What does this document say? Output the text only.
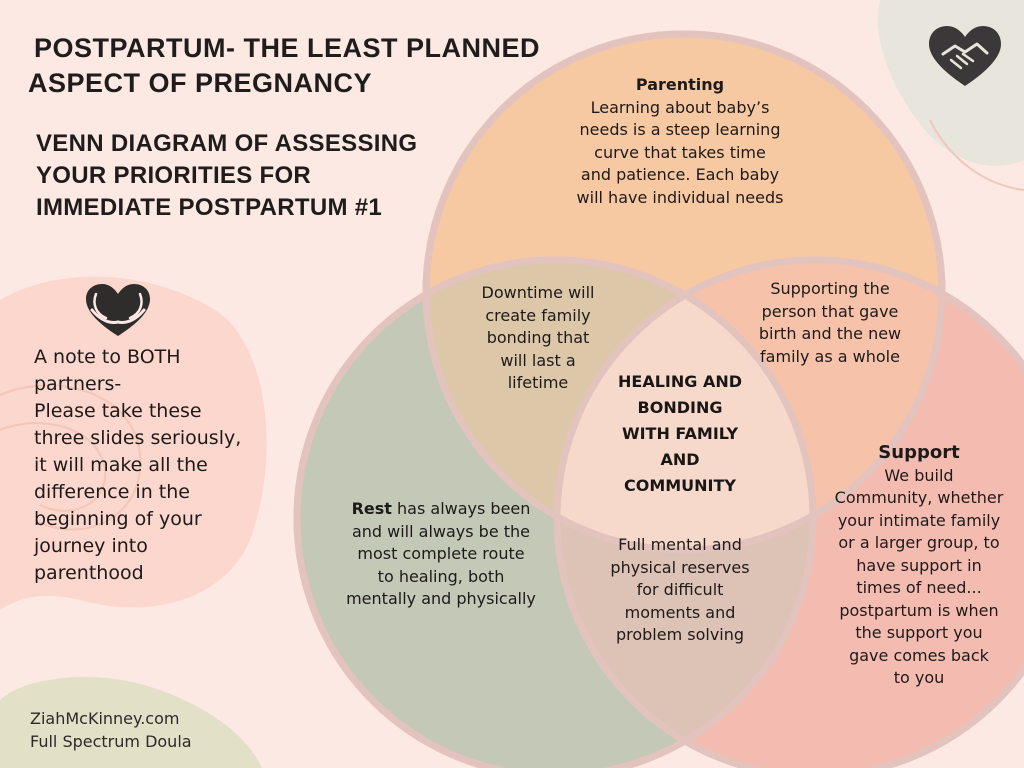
POSTPARTUM- THE LEAST PLANNED
ASPECT OF PREGNANCY
VENN DIAGRAM OF ASSESSING
YOUR PRIORITIES FOR
IMMEDIATE POSTPARTUM #1
A note to BOTH
partners-
Please take these
three slides seriously,
it will make all the
difference in the
beginning of your
journey into
parenthood
Parenting
Learning about baby’s
needs is a steep learning
curve that takes time
and patience. Each baby
will have individual needs
Downtime will
create family
bonding that
will last a
lifetime
Supporting the
person that gave
birth and the new
family as a whole
HEALING AND
BONDING
WITH FAMILY
AND
COMMUNITY
Rest has always been
and will always be the
most complete route
to healing, both
mentally and physically
Full mental and
physical reserves
for difficult
moments and
problem solving
Support
We build
Community, whether
your intimate family
or a larger group, to
have support in
times of need...
postpartum is when
the support you
gave comes back
to you
ZiahMcKinney.com
Full Spectrum Doula
